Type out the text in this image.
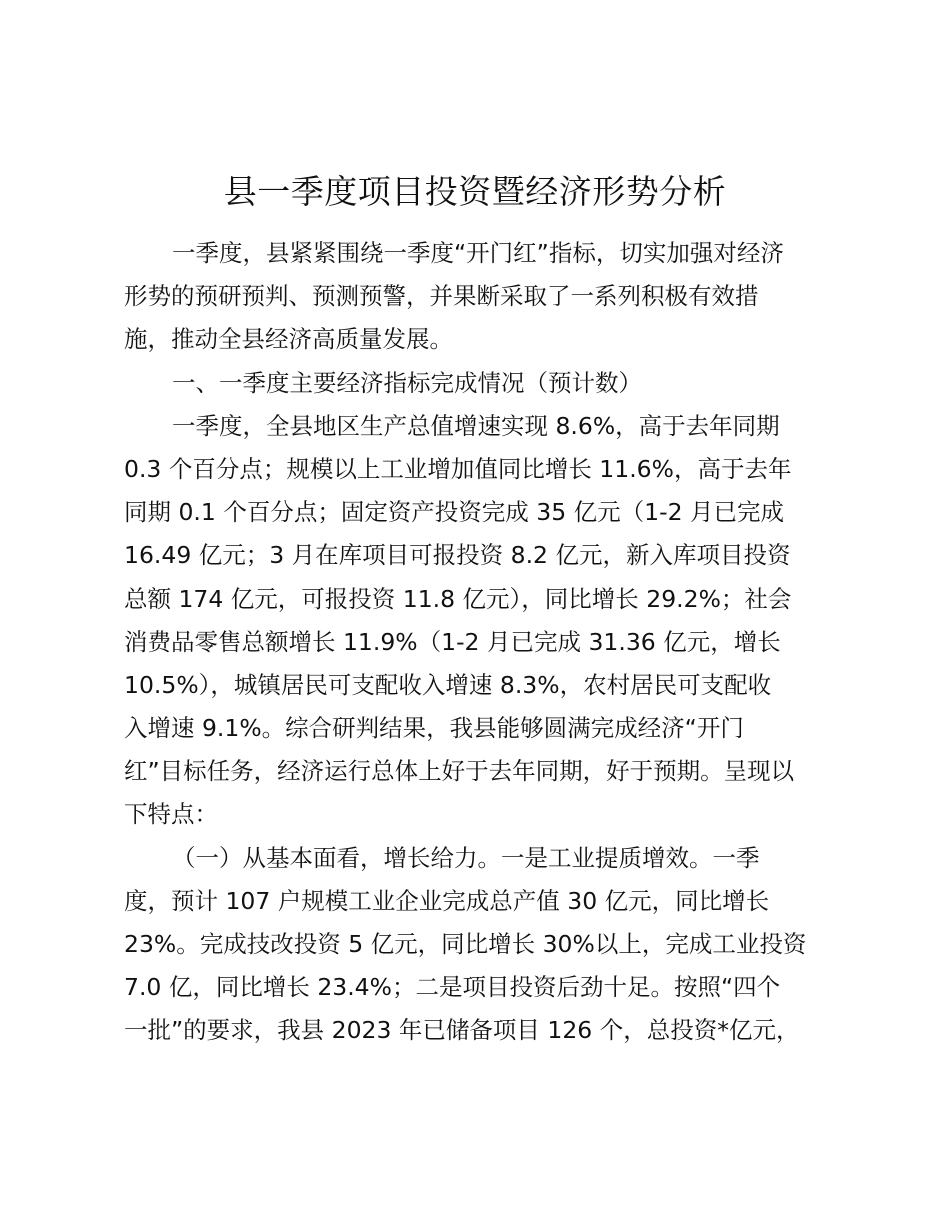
县一季度项目投资暨经济形势分析
一季度，县紧紧围绕一季度“开门红”指标，切实加强对经济
形势的预研预判、预测预警，并果断采取了一系列积极有效措
施，推动全县经济高质量发展。
一、一季度主要经济指标完成情况（预计数）
一季度，全县地区生产总值增速实现 8.6%，高于去年同期
0.3 个百分点；规模以上工业增加值同比增长 11.6%，高于去年
同期 0.1 个百分点；固定资产投资完成 35 亿元（1-2 月已完成
16.49 亿元；3 月在库项目可报投资 8.2 亿元，新入库项目投资
总额 174 亿元，可报投资 11.8 亿元），同比增长 29.2%；社会
消费品零售总额增长 11.9%（1-2 月已完成 31.36 亿元，增长
10.5%），城镇居民可支配收入增速 8.3%，农村居民可支配收
入增速 9.1%。综合研判结果，我县能够圆满完成经济“开门
红”目标任务，经济运行总体上好于去年同期，好于预期。呈现以
下特点：
（一）从基本面看，增长给力。一是工业提质增效。一季
度，预计 107 户规模工业企业完成总产值 30 亿元，同比增长
23%。完成技改投资 5 亿元，同比增长 30%以上，完成工业投资
7.0 亿，同比增长 23.4%；二是项目投资后劲十足。按照“四个
一批”的要求，我县 2023 年已储备项目 126 个，总投资*亿元，
